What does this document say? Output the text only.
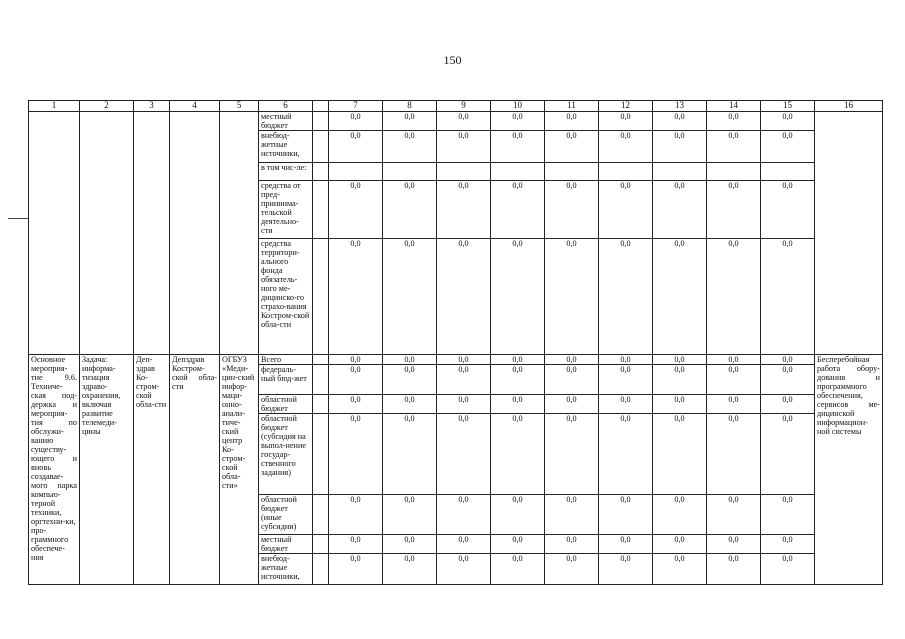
150
1	2	3	4	5	6		7	8	9	10	11	12	13	14	15	16
					местный бюджет		0,0	0,0	0,0	0,0	0,0	0,0	0,0	0,0	0,0	
					внебюд-жетные источники,		0,0	0,0	0,0	0,0	0,0	0,0	0,0	0,0	0,0	
					в том чис-ле:											
					средства от пред-приннима-тельской деятельно-сти		0,0	0,0	0,0	0,0	0,0	0,0	0,0	0,0	0,0	
					средства территори-ального фонда обязатель-ного ме-дицинско-го страхо-вания Костром-ской обла-сти		0,0	0,0	0,0	0,0	0,0	0,0	0,0	0,0	0,0	
Основное мероприя-тие 9.6. Техниче-ская под-держка и мероприя-тия по обслужи-ванию существу-ющего и вновь создавае-мого парка компью-терной техники, оргтехни-ки, про-граммного обеспече-ния	Задача: информа-тизация здраво-охранения, включая развитие телемеди-цины	Деп-здрав Ко-стром-ской обла-сти	Депздрав Костром-ской обла-сти	ОГБУЗ «Меди-цин-ский инфор-маци-онно-анали-тиче-ский центр Ко-стром-ской обла-сти»	Всего		0,0	0,0	0,0	0,0	0,0	0,0	0,0	0,0	0,0	Бесперебойная работа обору-дования и программного обеспечения, сервисов ме-дицинской информацион-ной системы
					федераль-ный бюд-жет		0,0	0,0	0,0	0,0	0,0	0,0	0,0	0,0	0,0	
					областной бюджет		0,0	0,0	0,0	0,0	0,0	0,0	0,0	0,0	0,0	
					областной бюджет (субсидия на выпол-нение государ-ственного задания)		0,0	0,0	0,0	0,0	0,0	0,0	0,0	0,0	0,0	
					областной бюджет (иные субсидии)		0,0	0,0	0,0	0,0	0,0	0,0	0,0	0,0	0,0	
					местный бюджет		0,0	0,0	0,0	0,0	0,0	0,0	0,0	0,0	0,0	
					внебюд-жетные источники,		0,0	0,0	0,0	0,0	0,0	0,0	0,0	0,0	0,0	
